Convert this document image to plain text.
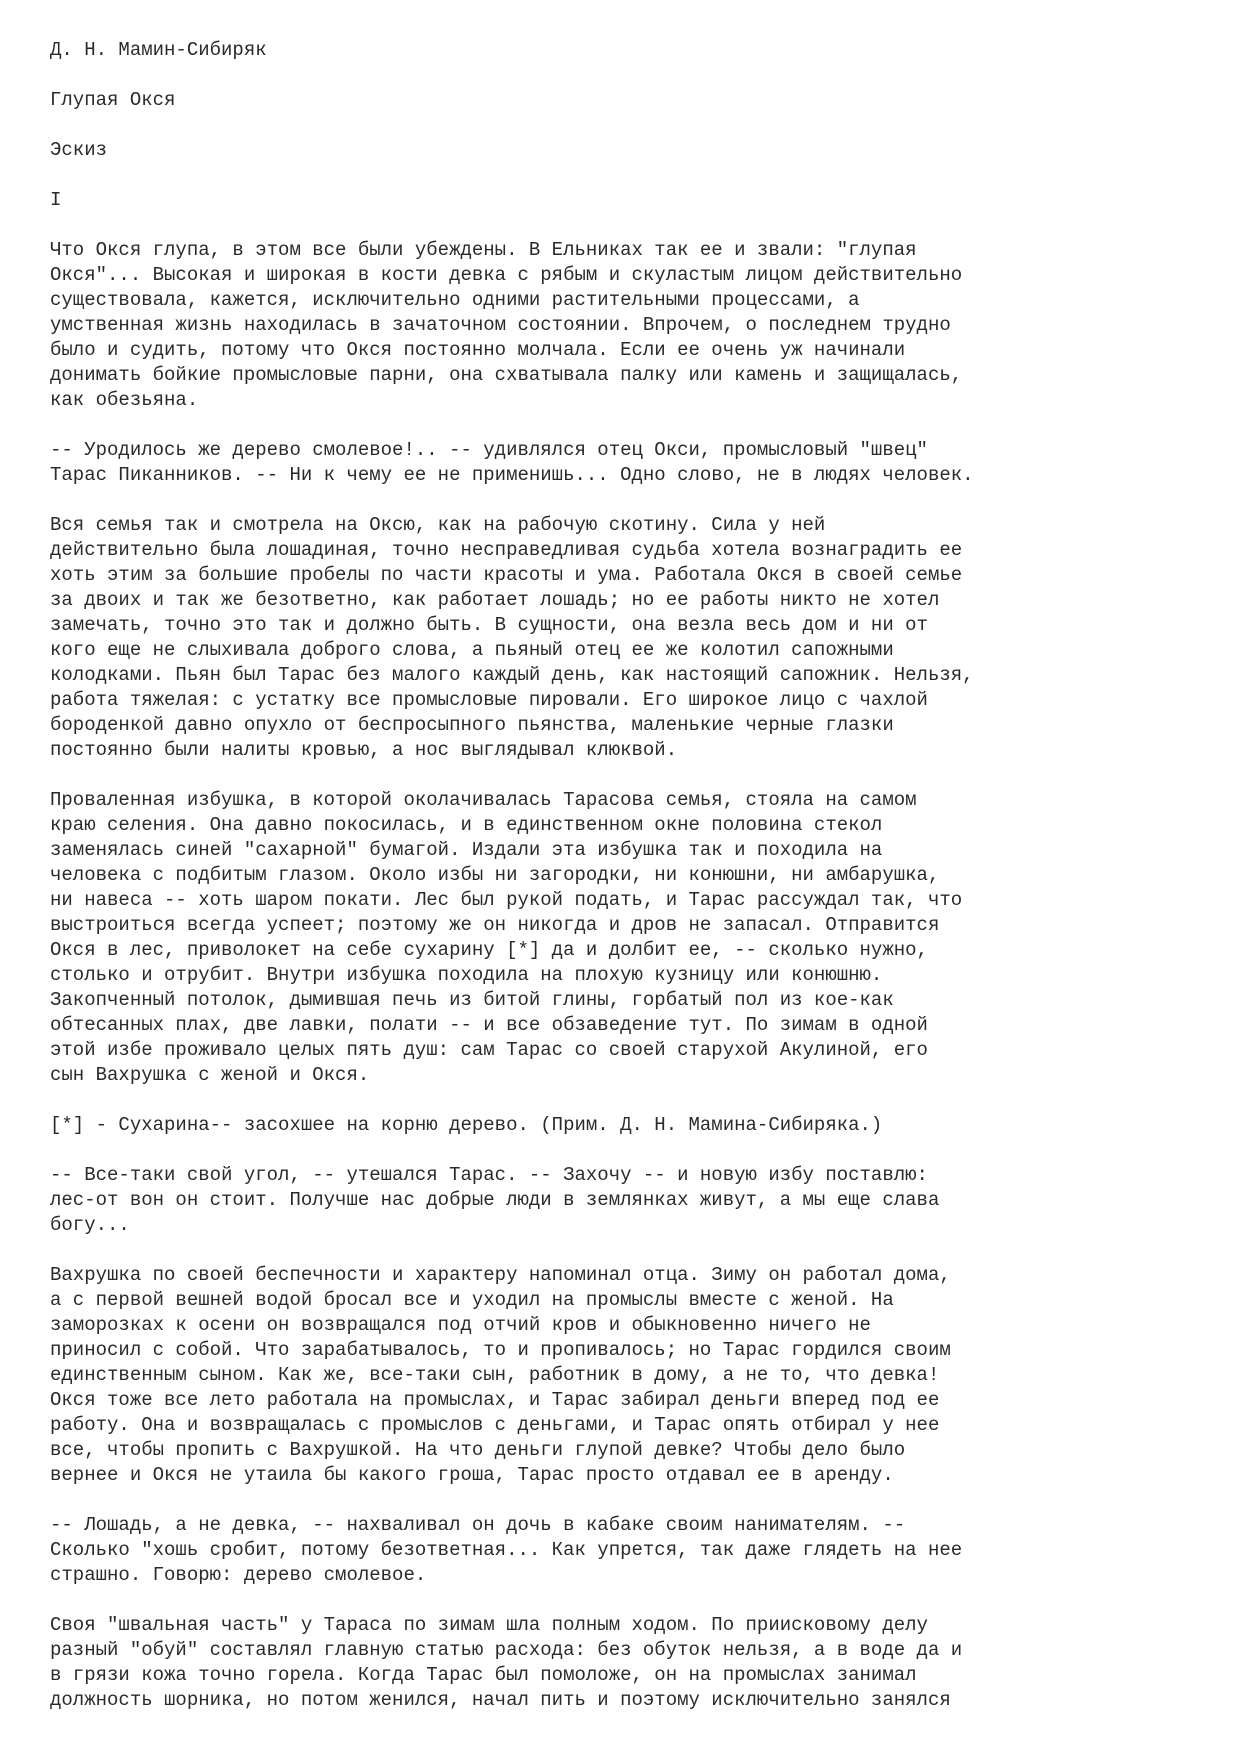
Д. Н. Мамин-Сибиряк
Глупая Окся
Эскиз
I
Что Окся глупа, в этом все были убеждены. В Ельниках так ее и звали: "глупая
Окся"... Высокая и широкая в кости девка с рябым и скуластым лицом действительно
существовала, кажется, исключительно одними растительными процессами, а
умственная жизнь находилась в зачаточном состоянии. Впрочем, о последнем трудно
было и судить, потому что Окся постоянно молчала. Если ее очень уж начинали
донимать бойкие промысловые парни, она схватывала палку или камень и защищалась,
как обезьяна.
-- Уродилось же дерево смолевое!.. -- удивлялся отец Окси, промысловый "швец"
Тарас Пиканников. -- Ни к чему ее не применишь... Одно слово, не в людях человек.
Вся семья так и смотрела на Оксю, как на рабочую скотину. Сила у ней
действительно была лошадиная, точно несправедливая судьба хотела вознаградить ее
хоть этим за большие пробелы по части красоты и ума. Работала Окся в своей семье
за двоих и так же безответно, как работает лошадь; но ее работы никто не хотел
замечать, точно это так и должно быть. В сущности, она везла весь дом и ни от
кого еще не слыхивала доброго слова, а пьяный отец ее же колотил сапожными
колодками. Пьян был Тарас без малого каждый день, как настоящий сапожник. Нельзя,
работа тяжелая: с устатку все промысловые пировали. Его широкое лицо с чахлой
бороденкой давно опухло от беспросыпного пьянства, маленькие черные глазки
постоянно были налиты кровью, а нос выглядывал клюквой.
Проваленная избушка, в которой околачивалась Тарасова семья, стояла на самом
краю селения. Она давно покосилась, и в единственном окне половина стекол
заменялась синей "сахарной" бумагой. Издали эта избушка так и походила на
человека с подбитым глазом. Около избы ни загородки, ни конюшни, ни амбарушка,
ни навеса -- хоть шаром покати. Лес был рукой подать, и Тарас рассуждал так, что
выстроиться всегда успеет; поэтому же он никогда и дров не запасал. Отправится
Окся в лес, приволокет на себе сухарину [*] да и долбит ее, -- сколько нужно,
столько и отрубит. Внутри избушка походила на плохую кузницу или конюшню.
Закопченный потолок, дымившая печь из битой глины, горбатый пол из кое-как
обтесанных плах, две лавки, полати -- и все обзаведение тут. По зимам в одной
этой избе проживало целых пять душ: сам Тарас со своей старухой Акулиной, его
сын Вахрушка с женой и Окся.
[*] - Сухарина-- засохшее на корню дерево. (Прим. Д. Н. Мамина-Сибиряка.)
-- Все-таки свой угол, -- утешался Тарас. -- Захочу -- и новую избу поставлю:
лес-от вон он стоит. Получше нас добрые люди в землянках живут, а мы еще слава
богу...
Вахрушка по своей беспечности и характеру напоминал отца. Зиму он работал дома,
а с первой вешней водой бросал все и уходил на промыслы вместе с женой. На
заморозках к осени он возвращался под отчий кров и обыкновенно ничего не
приносил с собой. Что зарабатывалось, то и пропивалось; но Тарас гордился своим
единственным сыном. Как же, все-таки сын, работник в дому, а не то, что девка!
Окся тоже все лето работала на промыслах, и Тарас забирал деньги вперед под ее
работу. Она и возвращалась с промыслов с деньгами, и Тарас опять отбирал у нее
все, чтобы пропить с Вахрушкой. На что деньги глупой девке? Чтобы дело было
вернее и Окся не утаила бы какого гроша, Тарас просто отдавал ее в аренду.
-- Лошадь, а не девка, -- нахваливал он дочь в кабаке своим нанимателям. --
Сколько "хошь сробит, потому безответная... Как упрется, так даже глядеть на нее
страшно. Говорю: дерево смолевое.
Своя "швальная часть" у Тараса по зимам шла полным ходом. По приисковому делу
разный "обуй" составлял главную статью расхода: без обуток нельзя, а в воде да и
в грязи кожа точно горела. Когда Тарас был помоложе, он на промыслах занимал
должность шорника, но потом женился, начал пить и поэтому исключительно занялся
